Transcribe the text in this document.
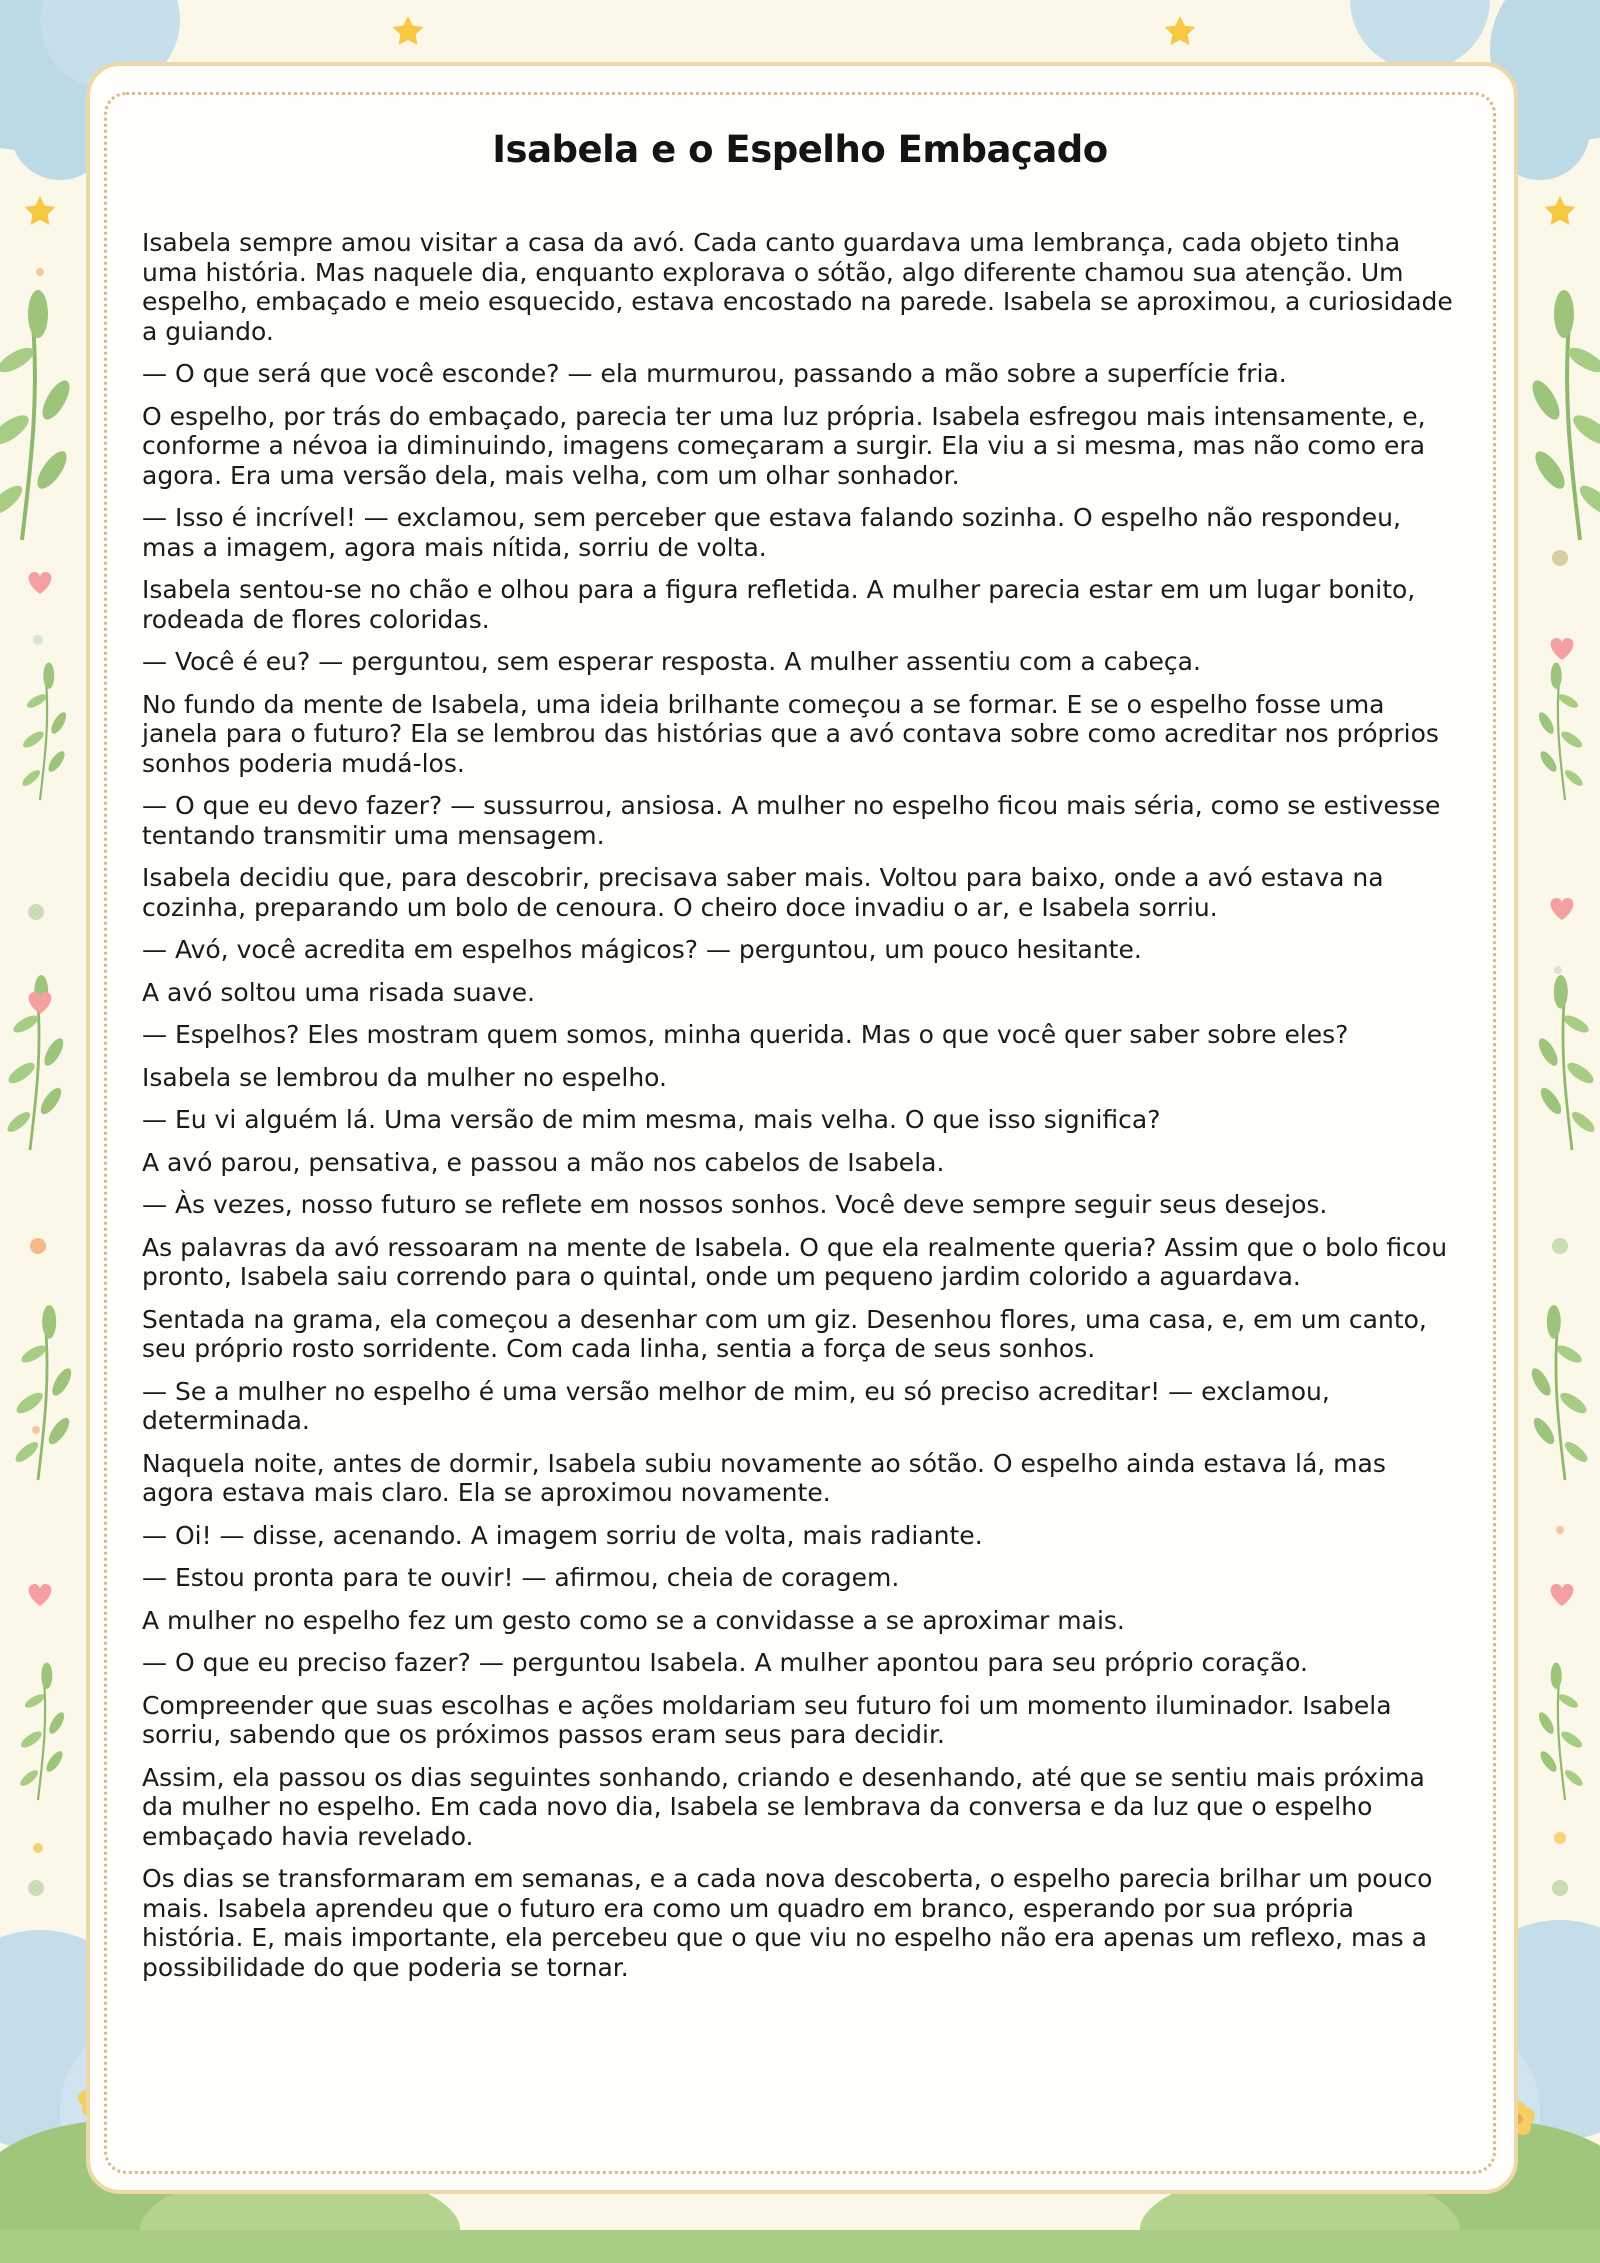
Isabela e o Espelho Embaçado

Isabela sempre amou visitar a casa da avó. Cada canto guardava uma lembrança, cada objeto tinha uma história. Mas naquele dia, enquanto explorava o sótão, algo diferente chamou sua atenção. Um espelho, embaçado e meio esquecido, estava encostado na parede. Isabela se aproximou, a curiosidade a guiando.

— O que será que você esconde? — ela murmurou, passando a mão sobre a superfície fria.

O espelho, por trás do embaçado, parecia ter uma luz própria. Isabela esfregou mais intensamente, e, conforme a névoa ia diminuindo, imagens começaram a surgir. Ela viu a si mesma, mas não como era agora. Era uma versão dela, mais velha, com um olhar sonhador.

— Isso é incrível! — exclamou, sem perceber que estava falando sozinha. O espelho não respondeu, mas a imagem, agora mais nítida, sorriu de volta.

Isabela sentou-se no chão e olhou para a figura refletida. A mulher parecia estar em um lugar bonito, rodeada de flores coloridas.

— Você é eu? — perguntou, sem esperar resposta. A mulher assentiu com a cabeça.

No fundo da mente de Isabela, uma ideia brilhante começou a se formar. E se o espelho fosse uma janela para o futuro? Ela se lembrou das histórias que a avó contava sobre como acreditar nos próprios sonhos poderia mudá-los.

— O que eu devo fazer? — sussurrou, ansiosa. A mulher no espelho ficou mais séria, como se estivesse tentando transmitir uma mensagem.

Isabela decidiu que, para descobrir, precisava saber mais. Voltou para baixo, onde a avó estava na cozinha, preparando um bolo de cenoura. O cheiro doce invadiu o ar, e Isabela sorriu.

— Avó, você acredita em espelhos mágicos? — perguntou, um pouco hesitante.

A avó soltou uma risada suave.

— Espelhos? Eles mostram quem somos, minha querida. Mas o que você quer saber sobre eles?

Isabela se lembrou da mulher no espelho.

— Eu vi alguém lá. Uma versão de mim mesma, mais velha. O que isso significa?

A avó parou, pensativa, e passou a mão nos cabelos de Isabela.

— Às vezes, nosso futuro se reflete em nossos sonhos. Você deve sempre seguir seus desejos.

As palavras da avó ressoaram na mente de Isabela. O que ela realmente queria? Assim que o bolo ficou pronto, Isabela saiu correndo para o quintal, onde um pequeno jardim colorido a aguardava.

Sentada na grama, ela começou a desenhar com um giz. Desenhou flores, uma casa, e, em um canto, seu próprio rosto sorridente. Com cada linha, sentia a força de seus sonhos.

— Se a mulher no espelho é uma versão melhor de mim, eu só preciso acreditar! — exclamou, determinada.

Naquela noite, antes de dormir, Isabela subiu novamente ao sótão. O espelho ainda estava lá, mas agora estava mais claro. Ela se aproximou novamente.

— Oi! — disse, acenando. A imagem sorriu de volta, mais radiante.

— Estou pronta para te ouvir! — afirmou, cheia de coragem.

A mulher no espelho fez um gesto como se a convidasse a se aproximar mais.

— O que eu preciso fazer? — perguntou Isabela. A mulher apontou para seu próprio coração.

Compreender que suas escolhas e ações moldariam seu futuro foi um momento iluminador. Isabela sorriu, sabendo que os próximos passos eram seus para decidir.

Assim, ela passou os dias seguintes sonhando, criando e desenhando, até que se sentiu mais próxima da mulher no espelho. Em cada novo dia, Isabela se lembrava da conversa e da luz que o espelho embaçado havia revelado.

Os dias se transformaram em semanas, e a cada nova descoberta, o espelho parecia brilhar um pouco mais. Isabela aprendeu que o futuro era como um quadro em branco, esperando por sua própria história. E, mais importante, ela percebeu que o que viu no espelho não era apenas um reflexo, mas a possibilidade do que poderia se tornar.
